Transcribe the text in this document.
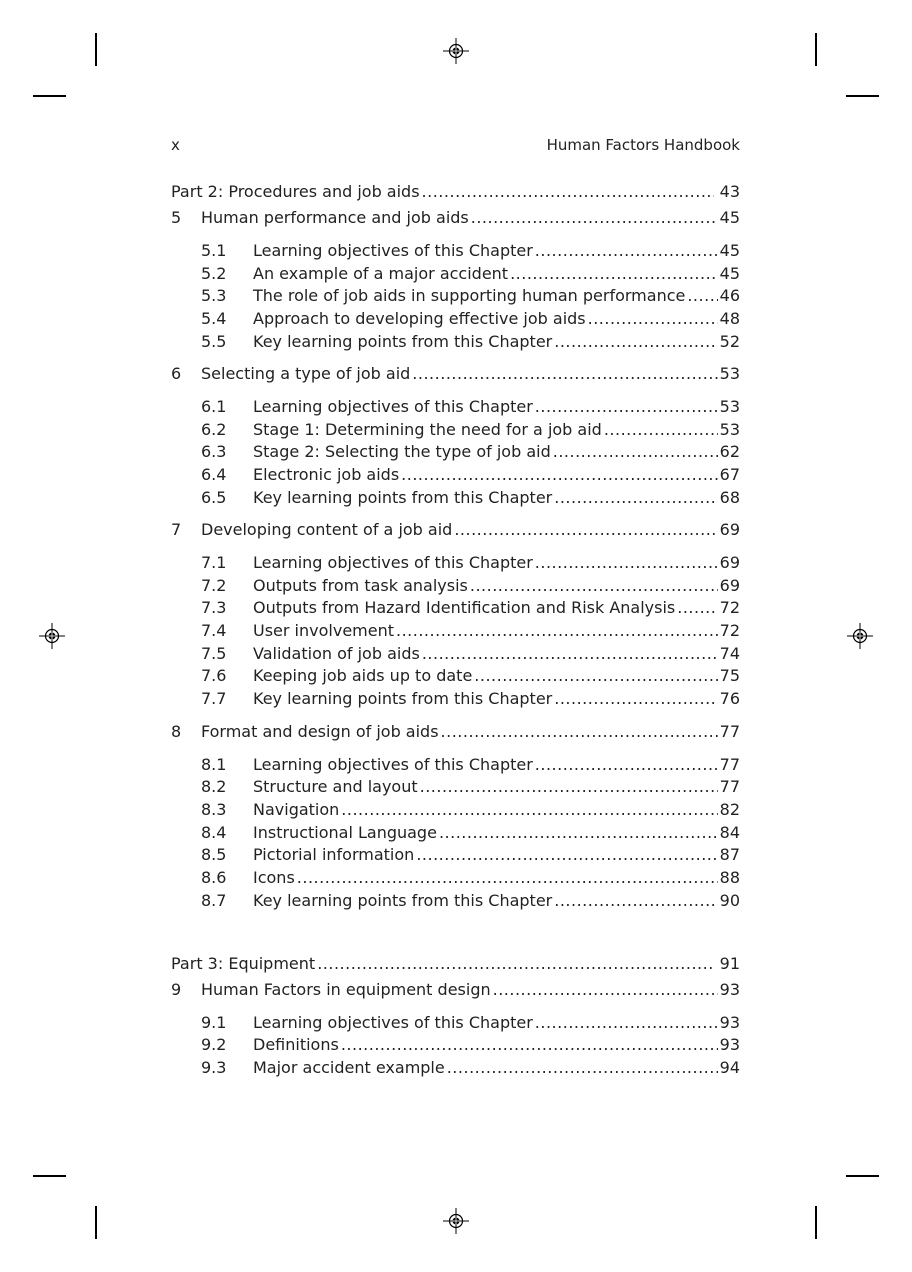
x	Human Factors Handbook
Part 2: Procedures and job aids .....	43
5	Human performance and job aids .....	45
5.1	Learning objectives of this Chapter .....	45
5.2	An example of a major accident .....	45
5.3	The role of job aids in supporting human performance ..... 46
5.4	Approach to developing effective job aids .....	48
5.5	Key learning points from this Chapter .....	52
6	Selecting a type of job aid .....	53
6.1	Learning objectives of this Chapter .....	53
6.2	Stage 1: Determining the need for a job aid .....	53
6.3	Stage 2: Selecting the type of job aid .....	62
6.4	Electronic job aids .....	67
6.5	Key learning points from this Chapter .....	68
7	Developing content of a job aid .....	69
7.1	Learning objectives of this Chapter .....	69
7.2	Outputs from task analysis .....	69
7.3	Outputs from Hazard Identification and Risk Analysis .....	72
7.4	User involvement .....	72
7.5	Validation of job aids .....	74
7.6	Keeping job aids up to date .....	75
7.7	Key learning points from this Chapter .....	76
8	Format and design of job aids .....	77
8.1	Learning objectives of this Chapter .....	77
8.2	Structure and layout .....	77
8.3	Navigation .....	82
8.4	Instructional Language .....	84
8.5	Pictorial information .....	87
8.6	Icons .....	88
8.7	Key learning points from this Chapter .....	90
Part 3: Equipment .....	91
9	Human Factors in equipment design .....	93
9.1	Learning objectives of this Chapter .....	93
9.2	Definitions .....	93
9.3	Major accident example .....	94
